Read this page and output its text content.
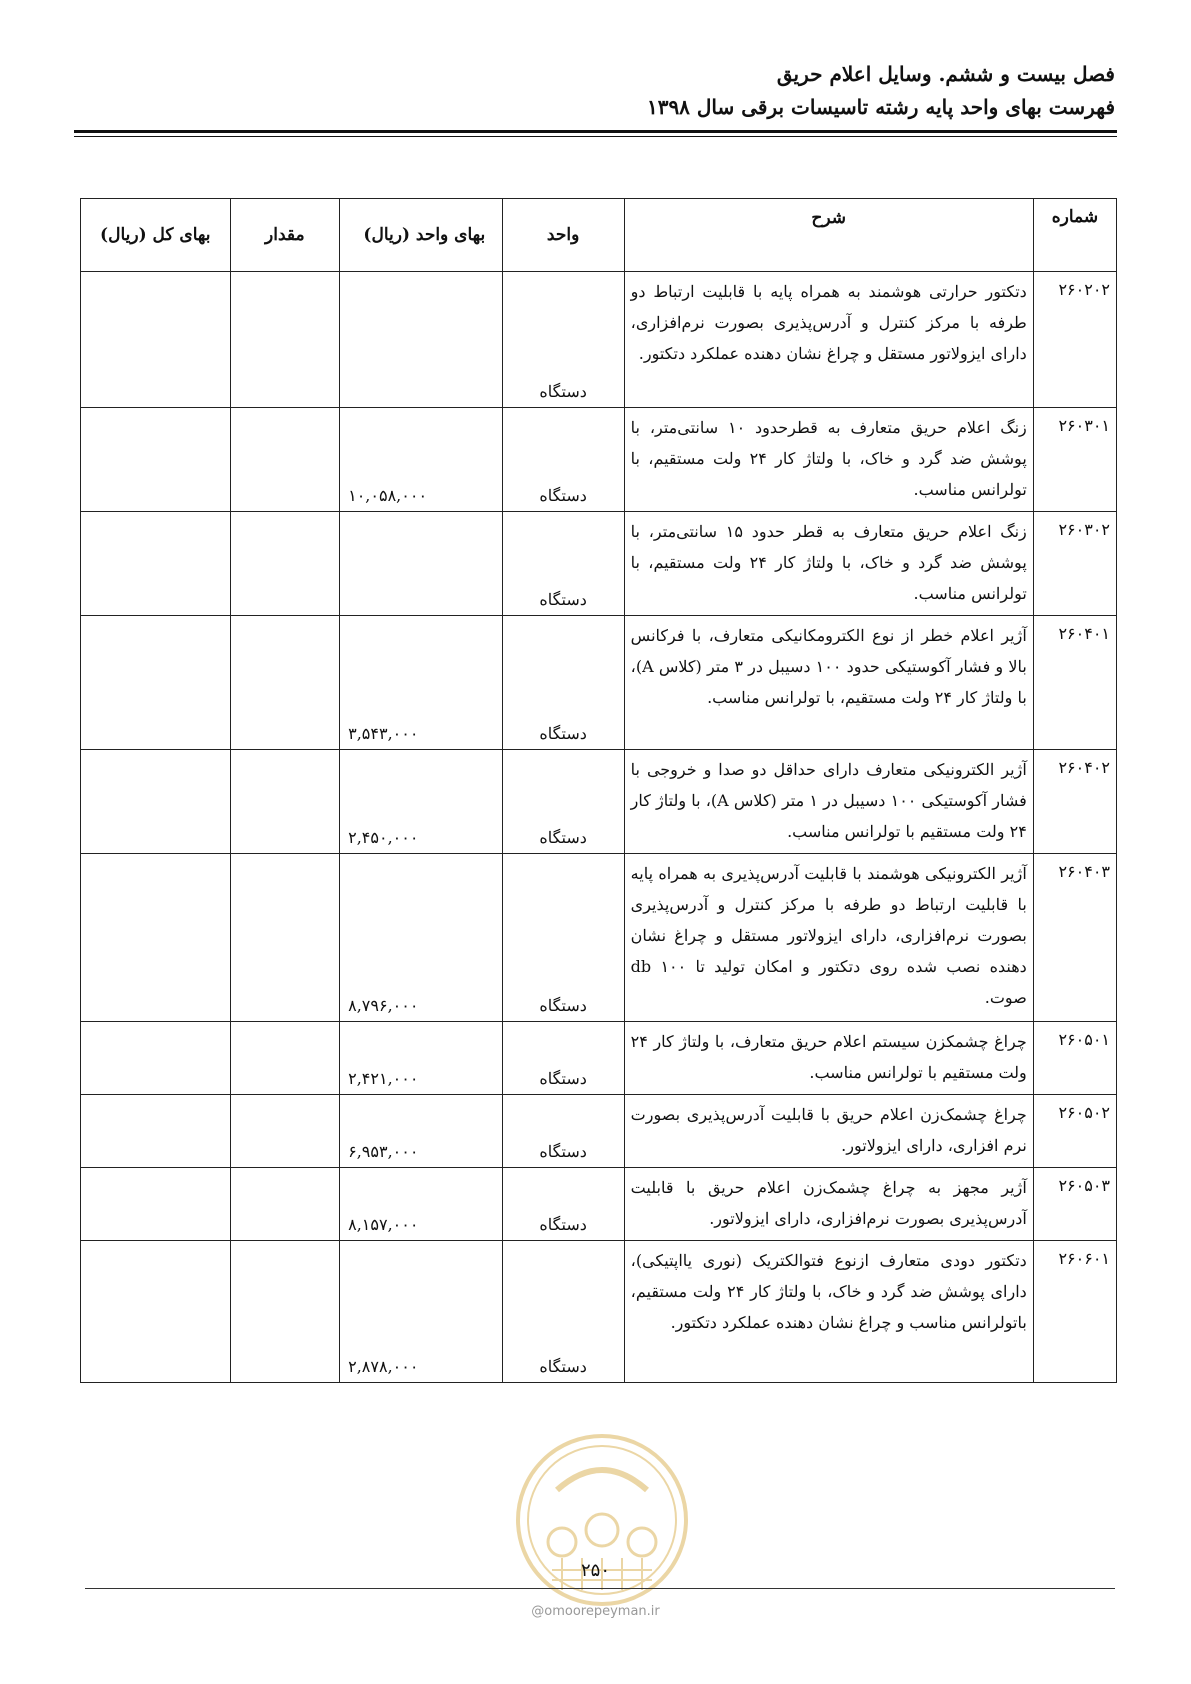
فصل بیست و ششم. وسایل اعلام حریق
فهرست بهای واحد پایه رشته تاسیسات برقی سال ۱۳۹۸
شماره	شرح	واحد	بهای واحد (ریال)	مقدار	بهای کل (ریال)
۲۶۰۲۰۲	دتکتور حرارتی هوشمند به همراه پایه با قابلیت ارتباط دو طرفه با مرکز کنترل و آدرس‌پذیری بصورت نرم‌افزاری، دارای ایزولاتور مستقل و چراغ نشان دهنده عملکرد دتکتور.	دستگاه			
۲۶۰۳۰۱	زنگ اعلام حریق متعارف به قطرحدود ۱۰ سانتی‌متر، با پوشش ضد گرد و خاک، با ولتاژ کار ۲۴ ولت مستقیم، با تولرانس مناسب.	دستگاه	۱۰,۰۵۸,۰۰۰		
۲۶۰۳۰۲	زنگ اعلام حریق متعارف به قطر حدود ۱۵ سانتی‌متر، با پوشش ضد گرد و خاک، با ولتاژ کار ۲۴ ولت مستقیم، با تولرانس مناسب.	دستگاه			
۲۶۰۴۰۱	آژیر اعلام خطر از نوع الکترومکانیکی متعارف، با فرکانس بالا و فشار آکوستیکی حدود ۱۰۰ دسیبل در ۳ متر (کلاس A)، با ولتاژ کار ۲۴ ولت مستقیم، با تولرانس مناسب.	دستگاه	۳,۵۴۳,۰۰۰		
۲۶۰۴۰۲	آژیر الکترونیکی متعارف دارای حداقل دو صدا و خروجی با فشار آکوستیکی ۱۰۰ دسیبل در ۱ متر (کلاس A)، با ولتاژ کار ۲۴ ولت مستقیم با تولرانس مناسب.	دستگاه	۲,۴۵۰,۰۰۰		
۲۶۰۴۰۳	آژیر الکترونیکی هوشمند با قابلیت آدرس‌پذیری به همراه پایه با قابلیت ارتباط دو طرفه با مرکز کنترل و آدرس‌پذیری بصورت نرم‌افزاری، دارای ایزولاتور مستقل و چراغ نشان دهنده نصب شده روی دتکتور و امکان تولید تا ۱۰۰ db صوت.	دستگاه	۸,۷۹۶,۰۰۰		
۲۶۰۵۰۱	چراغ چشمکزن سیستم اعلام حریق متعارف، با ولتاژ کار ۲۴ ولت مستقیم با تولرانس مناسب.	دستگاه	۲,۴۲۱,۰۰۰		
۲۶۰۵۰۲	چراغ چشمک‌زن اعلام حریق با قابلیت آدرس‌پذیری بصورت نرم افزاری، دارای ایزولاتور.	دستگاه	۶,۹۵۳,۰۰۰		
۲۶۰۵۰۳	آژیر مجهز به چراغ چشمک‌زن اعلام حریق با قابلیت آدرس‌پذیری بصورت نرم‌افزاری، دارای ایزولاتور.	دستگاه	۸,۱۵۷,۰۰۰		
۲۶۰۶۰۱	دتکتور دودی متعارف ازنوع فتوالکتریک (نوری یااپتیکی)، دارای پوشش ضد گرد و خاک، با ولتاژ کار ۲۴ ولت مستقیم، باتولرانس مناسب و چراغ نشان دهنده عملکرد دتکتور.	دستگاه	۲,۸۷۸,۰۰۰		
۲۵۰
@omoorepeyman.ir
